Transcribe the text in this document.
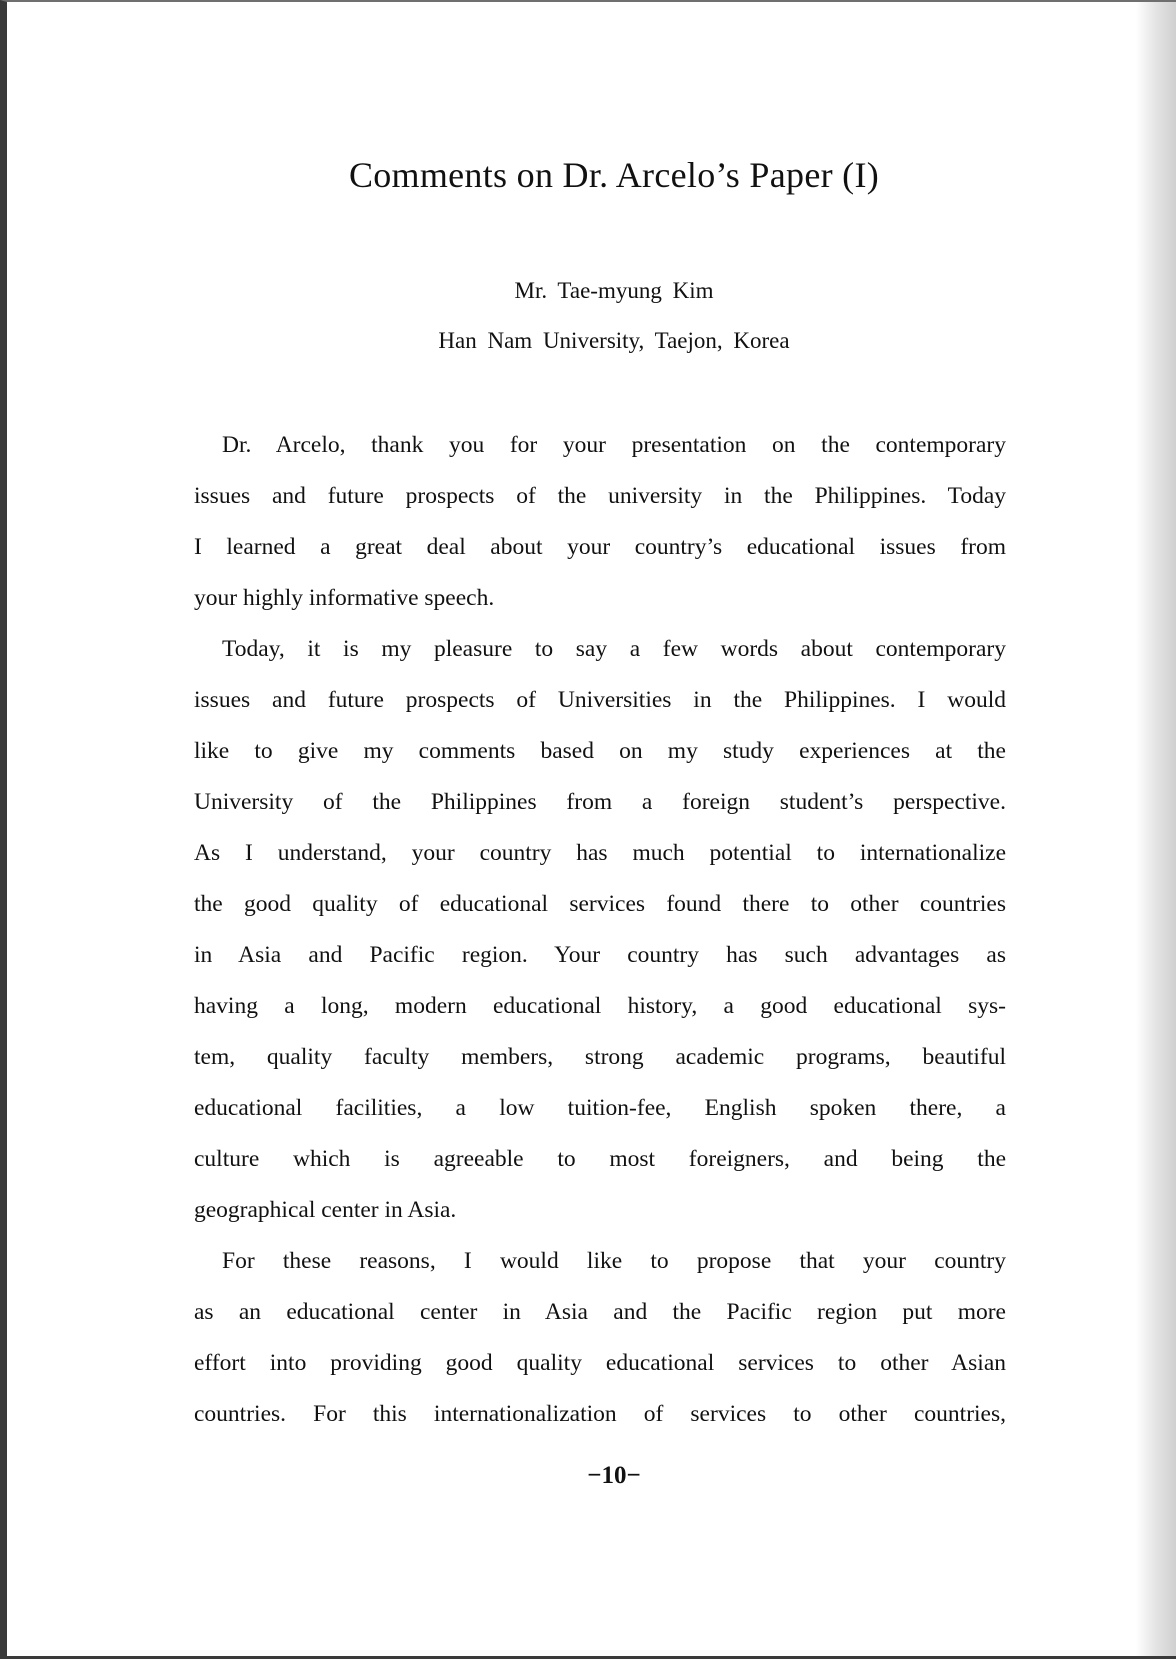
Comments on Dr. Arcelo’s Paper (I)
Mr. Tae-myung Kim
Han Nam University, Taejon, Korea
Dr. Arcelo, thank you for your presentation on the contemporary
issues and future prospects of the university in the Philippines. Today
I learned a great deal about your country’s educational issues from
your highly informative speech.
Today, it is my pleasure to say a few words about contemporary
issues and future prospects of Universities in the Philippines. I would
like to give my comments based on my study experiences at the
University of the Philippines from a foreign student’s perspective.
As I understand, your country has much potential to internationalize
the good quality of educational services found there to other countries
in Asia and Pacific region. Your country has such advantages as
having a long, modern educational history, a good educational sys-
tem, quality faculty members, strong academic programs, beautiful
educational facilities, a low tuition-fee, English spoken there, a
culture which is agreeable to most foreigners, and being the
geographical center in Asia.
For these reasons, I would like to propose that your country
as an educational center in Asia and the Pacific region put more
effort into providing good quality educational services to other Asian
countries. For this internationalization of services to other countries,
−10−
